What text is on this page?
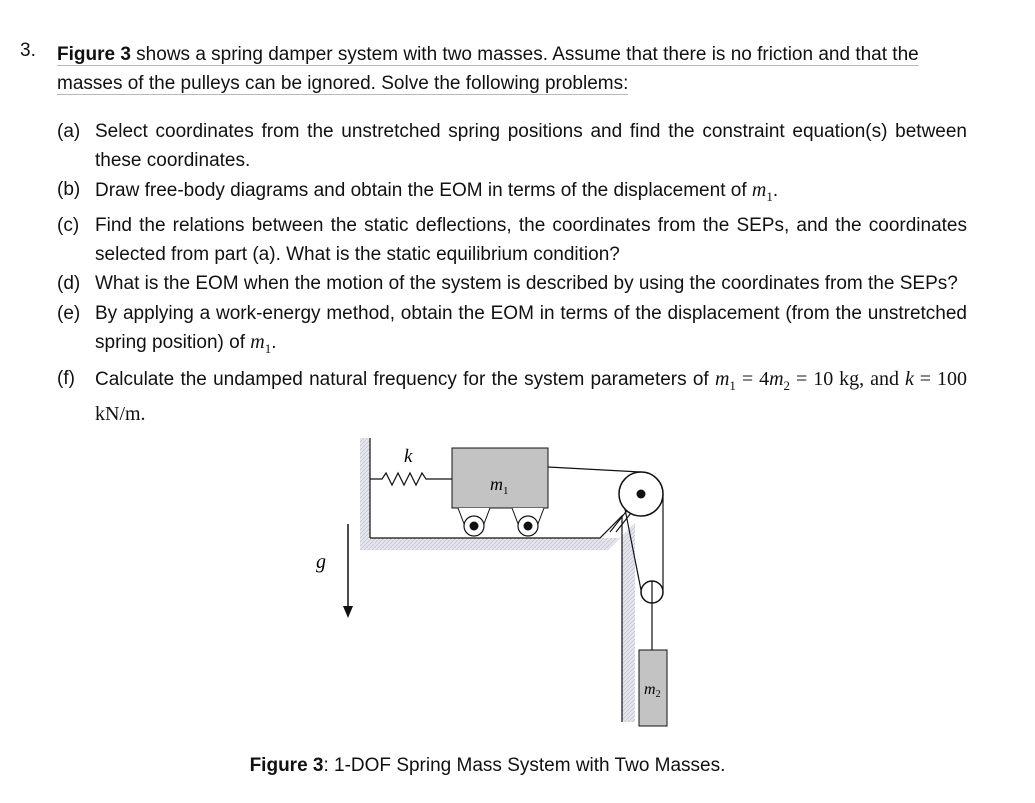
3. Figure 3 shows a spring damper system with two masses. Assume that there is no friction and that the masses of the pulleys can be ignored. Solve the following problems:
(a) Select coordinates from the unstretched spring positions and find the constraint equation(s) between these coordinates.
(b) Draw free-body diagrams and obtain the EOM in terms of the displacement of $m_1$.
(c) Find the relations between the static deflections, the coordinates from the SEPs, and the coordinates selected from part (a). What is the static equilibrium condition?
(d) What is the EOM when the motion of the system is described by using the coordinates from the SEPs?
(e) By applying a work-energy method, obtain the EOM in terms of the displacement (from the unstretched spring position) of $m_1$.
(f) Calculate the undamped natural frequency for the system parameters of $m_1 = 4m_2 = 10$ kg, and k = 100 kN/m.
k
$m_1$
m2
g
Figure 3: 1-DOF Spring Mass System with Two Masses.
